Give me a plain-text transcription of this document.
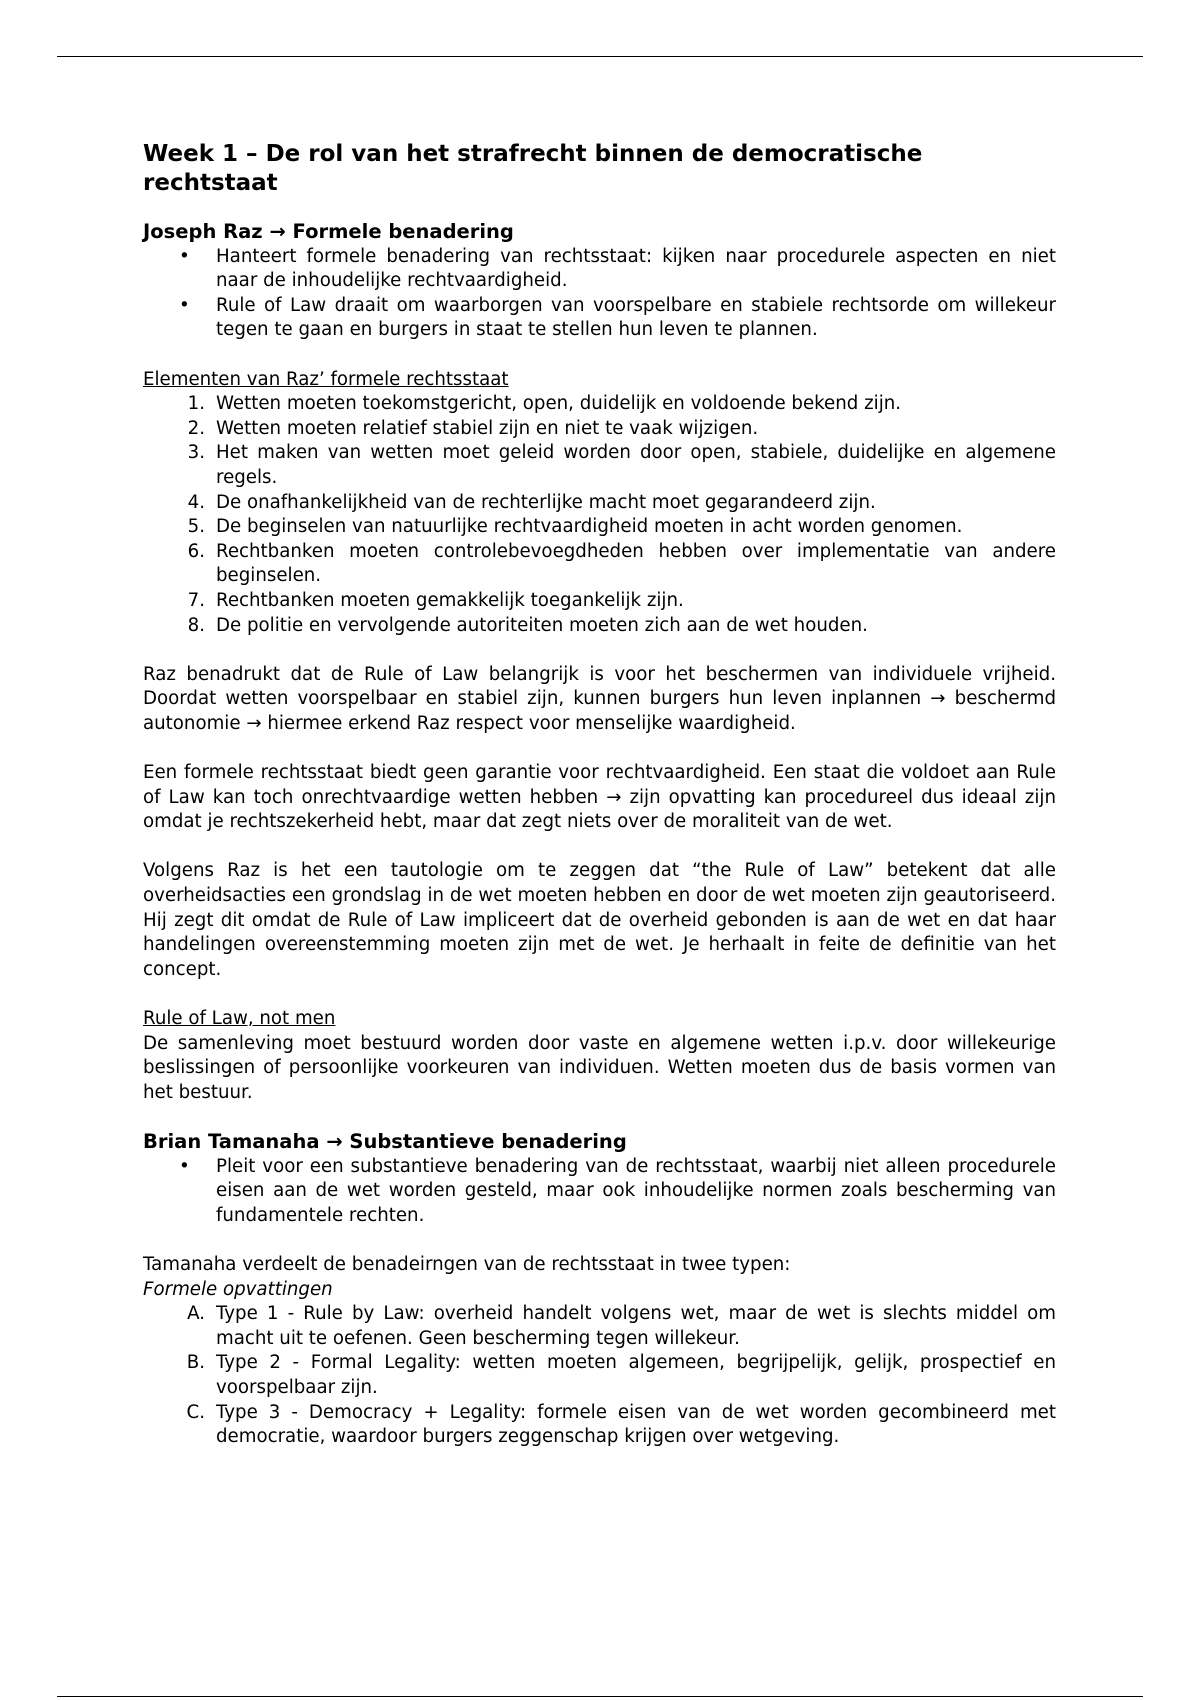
Week 1 – De rol van het strafrecht binnen de democratische rechtstaat
Joseph Raz → Formele benadering
• Hanteert formele benadering van rechtsstaat: kijken naar procedurele aspecten en niet naar de inhoudelijke rechtvaardigheid.
• Rule of Law draait om waarborgen van voorspelbare en stabiele rechtsorde om willekeur tegen te gaan en burgers in staat te stellen hun leven te plannen.

Elementen van Raz’ formele rechtsstaat

1. Wetten moeten toekomstgericht, open, duidelijk en voldoende bekend zijn.
2. Wetten moeten relatief stabiel zijn en niet te vaak wijzigen.
3. Het maken van wetten moet geleid worden door open, stabiele, duidelijke en algemene regels.
4. De onafhankelijkheid van de rechterlijke macht moet gegarandeerd zijn.
5. De beginselen van natuurlijke rechtvaardigheid moeten in acht worden genomen.
6. Rechtbanken moeten controlebevoegdheden hebben over implementatie van andere beginselen.
7. Rechtbanken moeten gemakkelijk toegankelijk zijn.
8. De politie en vervolgende autoriteiten moeten zich aan de wet houden.

Raz benadrukt dat de Rule of Law belangrijk is voor het beschermen van individuele vrijheid. Doordat wetten voorspelbaar en stabiel zijn, kunnen burgers hun leven inplannen → beschermd autonomie → hiermee erkend Raz respect voor menselijke waardigheid.

Een formele rechtsstaat biedt geen garantie voor rechtvaardigheid. Een staat die voldoet aan Rule of Law kan toch onrechtvaardige wetten hebben → zijn opvatting kan procedureel dus ideaal zijn omdat je rechtszekerheid hebt, maar dat zegt niets over de moraliteit van de wet.

Volgens Raz is het een tautologie om te zeggen dat “the Rule of Law” betekent dat alle overheidsacties een grondslag in de wet moeten hebben en door de wet moeten zijn geautoriseerd. Hij zegt dit omdat de Rule of Law impliceert dat de overheid gebonden is aan de wet en dat haar handelingen overeenstemming moeten zijn met de wet. Je herhaalt in feite de definitie van het concept.

Rule of Law, not men

De samenleving moet bestuurd worden door vaste en algemene wetten i.p.v. door willekeurige beslissingen of persoonlijke voorkeuren van individuen. Wetten moeten dus de basis vormen van het bestuur.

Brian Tamanaha → Substantieve benadering
• Pleit voor een substantieve benadering van de rechtsstaat, waarbij niet alleen procedurele eisen aan de wet worden gesteld, maar ook inhoudelijke normen zoals bescherming van fundamentele rechten.

Tamanaha verdeelt de benadeirngen van de rechtsstaat in twee typen:

Formele opvattingen

A. Type 1 - Rule by Law: overheid handelt volgens wet, maar de wet is slechts middel om macht uit te oefenen. Geen bescherming tegen willekeur.
B. Type 2 - Formal Legality: wetten moeten algemeen, begrijpelijk, gelijk, prospectief en voorspelbaar zijn.
C. Type 3 - Democracy + Legality: formele eisen van de wet worden gecombineerd met democratie, waardoor burgers zeggenschap krijgen over wetgeving.
